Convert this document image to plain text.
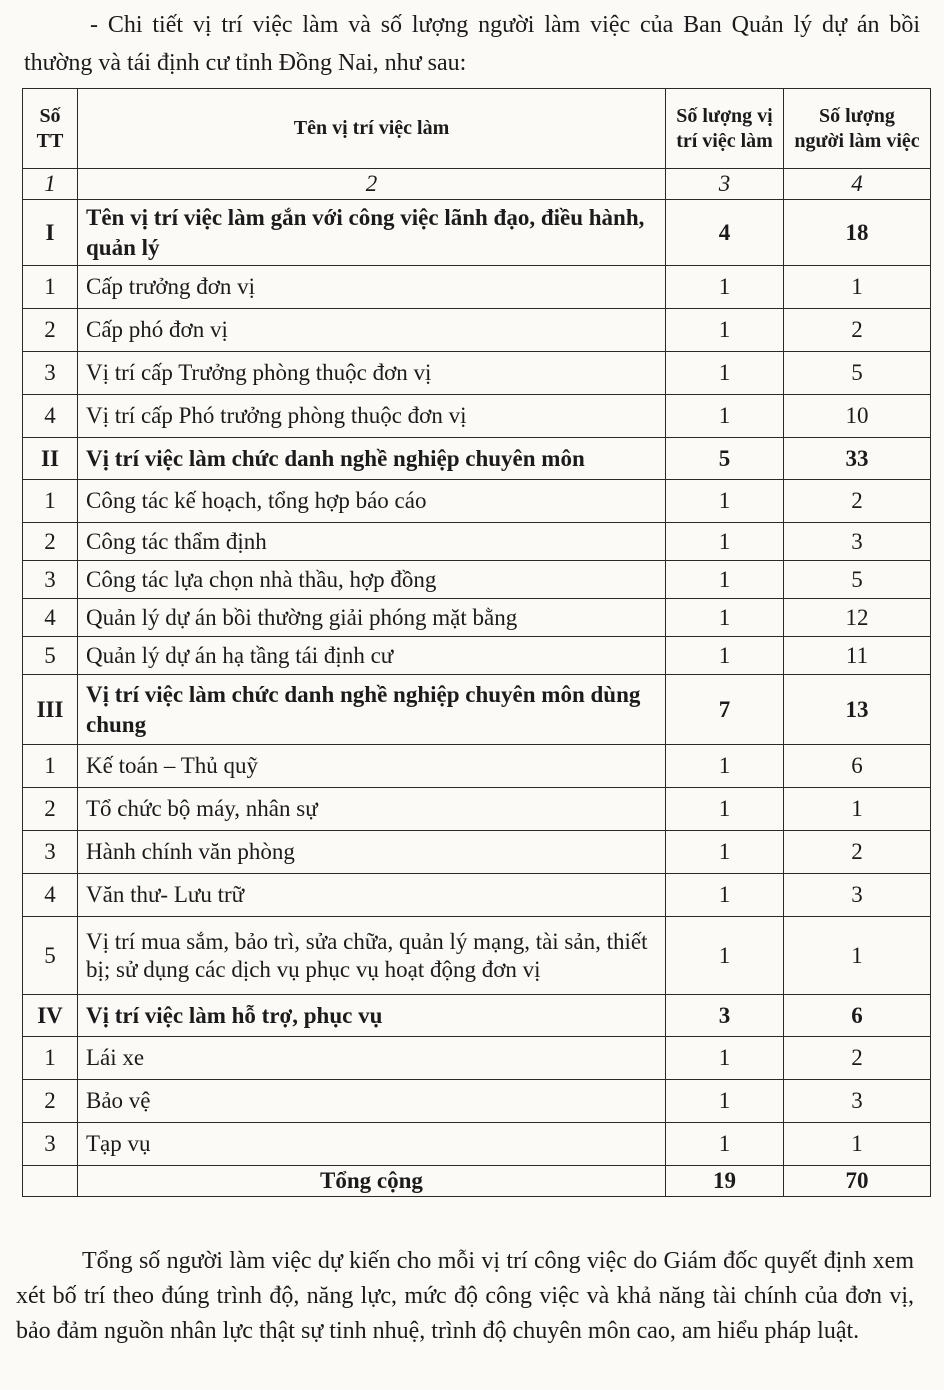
- Chi tiết vị trí việc làm và số lượng người làm việc của Ban Quản lý dự án bồi thường và tái định cư tỉnh Đồng Nai, như sau:

Số TT	Tên vị trí việc làm	Số lượng vị trí việc làm	Số lượng người làm việc
1	2	3	4
I	Tên vị trí việc làm gắn với công việc lãnh đạo, điều hành, quản lý	4	18
1	Cấp trưởng đơn vị	1	1
2	Cấp phó đơn vị	1	2
3	Vị trí cấp Trưởng phòng thuộc đơn vị	1	5
4	Vị trí cấp Phó trưởng phòng thuộc đơn vị	1	10
II	Vị trí việc làm chức danh nghề nghiệp chuyên môn	5	33
1	Công tác kế hoạch, tổng hợp báo cáo	1	2
2	Công tác thẩm định	1	3
3	Công tác lựa chọn nhà thầu, hợp đồng	1	5
4	Quản lý dự án bồi thường giải phóng mặt bằng	1	12
5	Quản lý dự án hạ tầng tái định cư	1	11
III	Vị trí việc làm chức danh nghề nghiệp chuyên môn dùng chung	7	13
1	Kế toán – Thủ quỹ	1	6
2	Tổ chức bộ máy, nhân sự	1	1
3	Hành chính văn phòng	1	2
4	Văn thư- Lưu trữ	1	3
5	Vị trí mua sắm, bảo trì, sửa chữa, quản lý mạng, tài sản, thiết bị; sử dụng các dịch vụ phục vụ hoạt động đơn vị	1	1
IV	Vị trí việc làm hỗ trợ, phục vụ	3	6
1	Lái xe	1	2
2	Bảo vệ	1	3
3	Tạp vụ	1	1
	Tổng cộng	19	70

Tổng số người làm việc dự kiến cho mỗi vị trí công việc do Giám đốc quyết định xem xét bố trí theo đúng trình độ, năng lực, mức độ công việc và khả năng tài chính của đơn vị, bảo đảm nguồn nhân lực thật sự tinh nhuệ, trình độ chuyên môn cao, am hiểu pháp luật.
